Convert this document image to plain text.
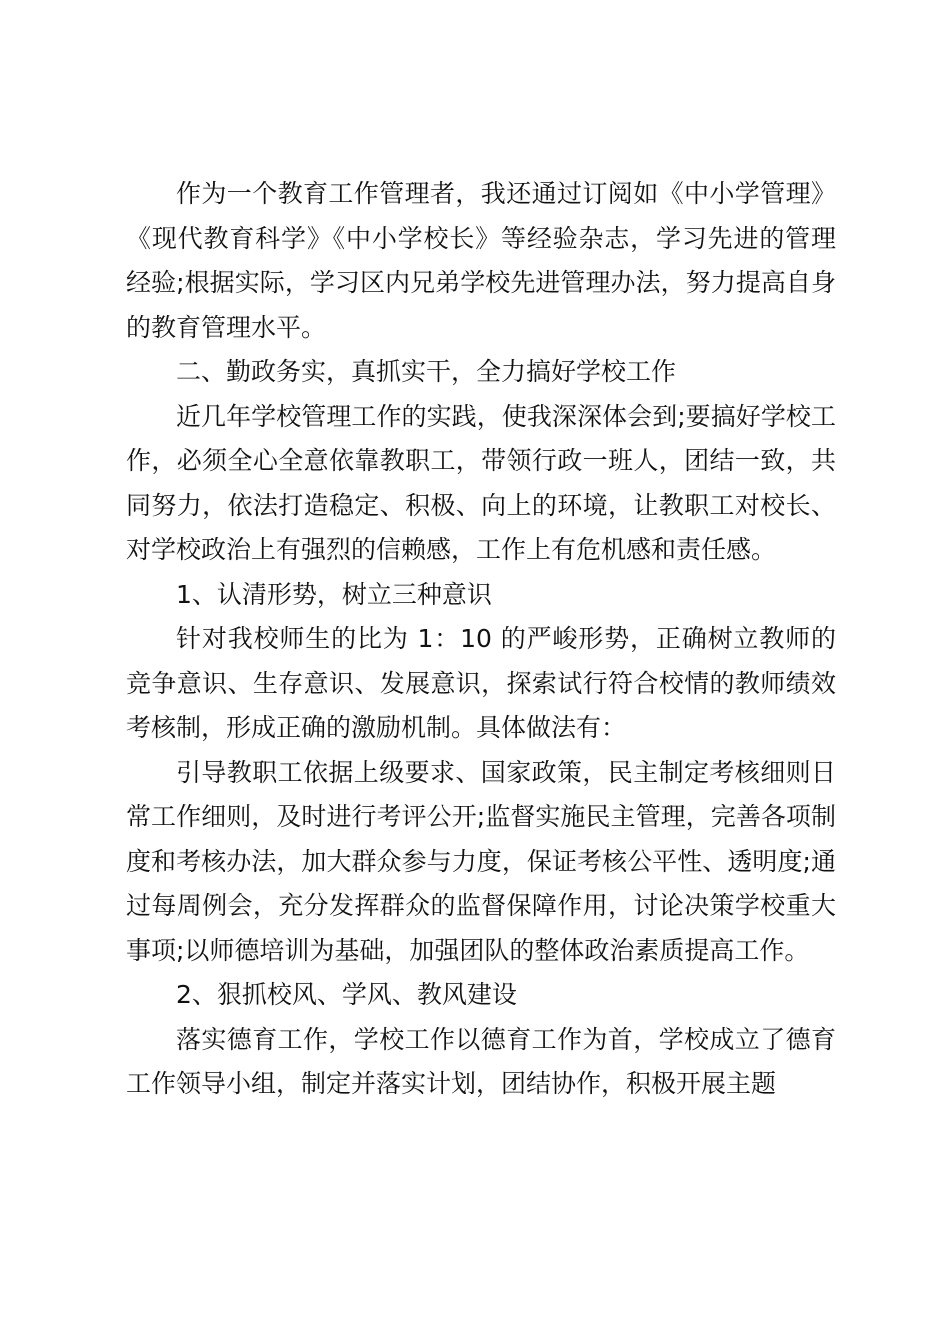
作为一个教育工作管理者，我还通过订阅如《中小学管理》《现代教育科学》《中小学校长》等经验杂志，学习先进的管理经验;根据实际，学习区内兄弟学校先进管理办法，努力提高自身的教育管理水平。

二、勤政务实，真抓实干，全力搞好学校工作

近几年学校管理工作的实践，使我深深体会到;要搞好学校工作，必须全心全意依靠教职工，带领行政一班人，团结一致，共同努力，依法打造稳定、积极、向上的环境，让教职工对校长、对学校政治上有强烈的信赖感，工作上有危机感和责任感。

1、认清形势，树立三种意识

针对我校师生的比为 1：10 的严峻形势，正确树立教师的竞争意识、生存意识、发展意识，探索试行符合校情的教师绩效考核制，形成正确的激励机制。具体做法有：

引导教职工依据上级要求、国家政策，民主制定考核细则日常工作细则，及时进行考评公开;监督实施民主管理，完善各项制度和考核办法，加大群众参与力度，保证考核公平性、透明度;通过每周例会，充分发挥群众的监督保障作用，讨论决策学校重大事项;以师德培训为基础，加强团队的整体政治素质提高工作。

2、狠抓校风、学风、教风建设

落实德育工作，学校工作以德育工作为首，学校成立了德育工作领导小组，制定并落实计划，团结协作，积极开展主题
